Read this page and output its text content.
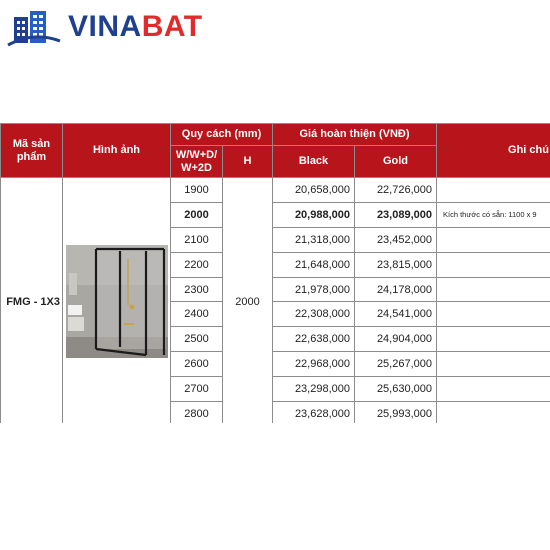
VINABAT
Mã sản phẩm	Hình ảnh	Quy cách (mm)		Giá hoàn thiện (VNĐ)		Ghi chú
		W/W+D/ W+2D	H	Black	Gold	
FMG - 1X3		1900	2000	20,658,000	22,726,000	
		2000		20,988,000	23,089,000	Kích thước có sẵn: 1100 x 9
		2100		21,318,000	23,452,000	
		2200		21,648,000	23,815,000	
		2300		21,978,000	24,178,000	
		2400		22,308,000	24,541,000	
		2500		22,638,000	24,904,000	
		2600		22,968,000	25,267,000	
		2700		23,298,000	25,630,000	
		2800		23,628,000	25,993,000	
